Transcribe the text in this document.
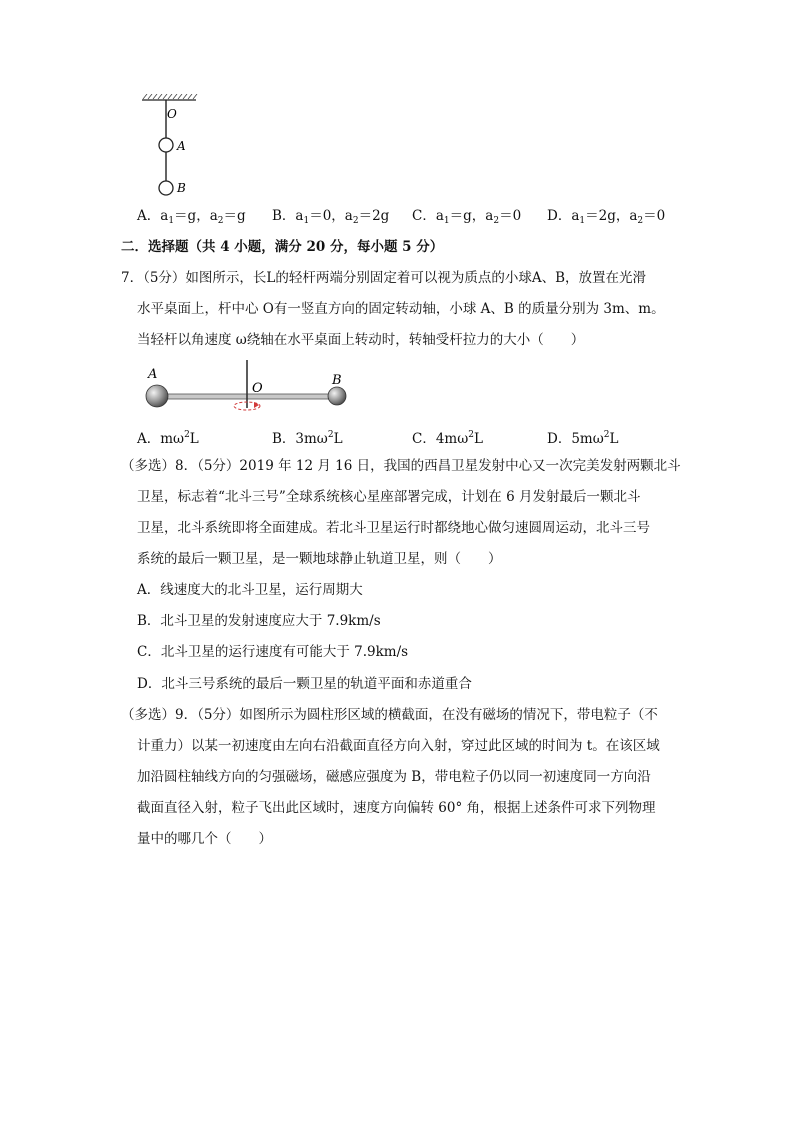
O
A
B
A．$a_1=g$，$a_2=g$ B．$a_1=0$，$a_2=2g$ C．$a_1=g$，$a_2=0$ D．$a_1=2g$，$a_2=0$
二．选择题（共 4 小题，满分 20 分，每小题 5 分）
7．（5分）如图所示，长L的轻杆两端分别固定着可以视为质点的小球A、B，放置在光滑
水平桌面上，杆中心 O有一竖直方向的固定转动轴，小球 A、B 的质量分别为 3m、m。
当轻杆以角速度 ω绕轴在水平桌面上转动时，转轴受杆拉力的大小（　　）
A
O
B
A．$m\omega^2L$	B．$3m\omega^2L$	C．$4m\omega^2L$	D．$5m\omega^2L$
（多选）8．（5分）2019 年 12 月 16 日，我国的西昌卫星发射中心又一次完美发射两颗北斗
卫星，标志着“北斗三号”全球系统核心星座部署完成，计划在 6 月发射最后一颗北斗
卫星，北斗系统即将全面建成。若北斗卫星运行时都绕地心做匀速圆周运动，北斗三号
系统的最后一颗卫星，是一颗地球静止轨道卫星，则（　　）
A．线速度大的北斗卫星，运行周期大
B．北斗卫星的发射速度应大于 7.9km/s
C．北斗卫星的运行速度有可能大于 7.9km/s
D．北斗三号系统的最后一颗卫星的轨道平面和赤道重合
（多选）9．（5分）如图所示为圆柱形区域的横截面，在没有磁场的情况下，带电粒子（不
计重力）以某一初速度由左向右沿截面直径方向入射，穿过此区域的时间为 t。在该区域
加沿圆柱轴线方向的匀强磁场，磁感应强度为 B，带电粒子仍以同一初速度同一方向沿
截面直径入射，粒子飞出此区域时，速度方向偏转 60° 角，根据上述条件可求下列物理
量中的哪几个（　　）
